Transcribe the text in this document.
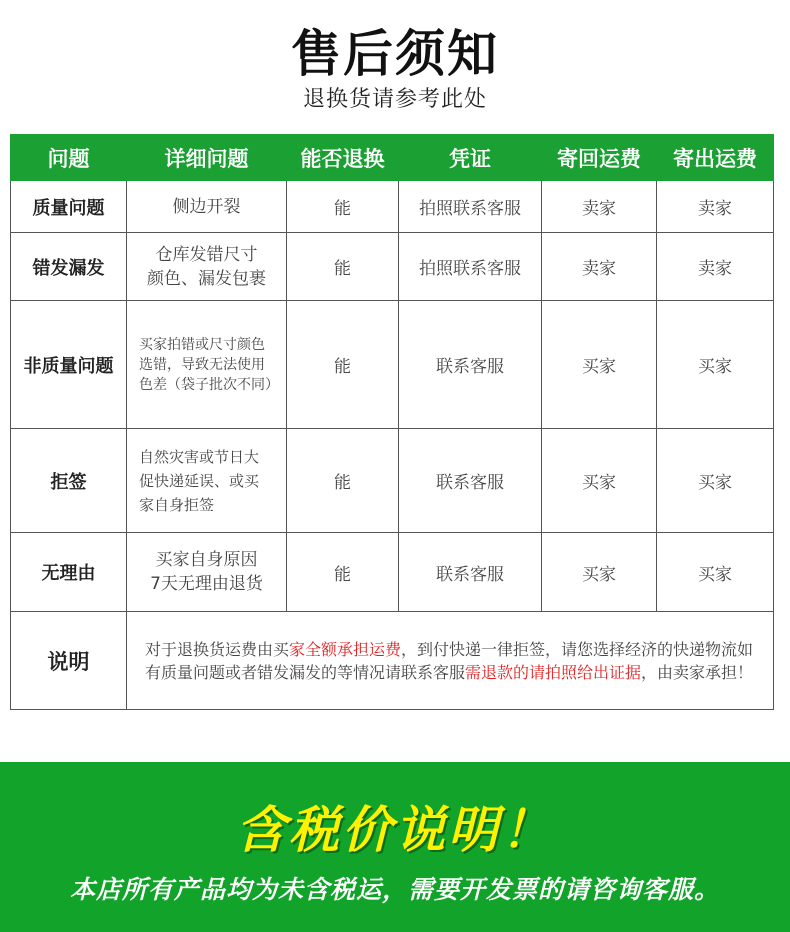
售后须知
退换货请参考此处
问题	详细问题	能否退换	凭证	寄回运费	寄出运费
质量问题	侧边开裂	能	拍照联系客服	卖家	卖家
错发漏发	仓库发错尺寸
颜色、漏发包裹	能	拍照联系客服	卖家	卖家
非质量问题	买家拍错或尺寸颜色
选错，导致无法使用
色差（袋子批次不同）	能	联系客服	买家	买家
拒签	自然灾害或节日大
促快递延误、或买
家自身拒签	能	联系客服	买家	买家
无理由	买家自身原因
7天无理由退货	能	联系客服	买家	买家
说明	对于退换货运费由买家全额承担运费，到付快递一律拒签，请您选择经济的快递物流如有质量问题或者错发漏发的等情况请联系客服需退款的请拍照给出证据，由卖家承担！				
含税价说明！
本店所有产品均为未含税运，需要开发票的请咨询客服。
